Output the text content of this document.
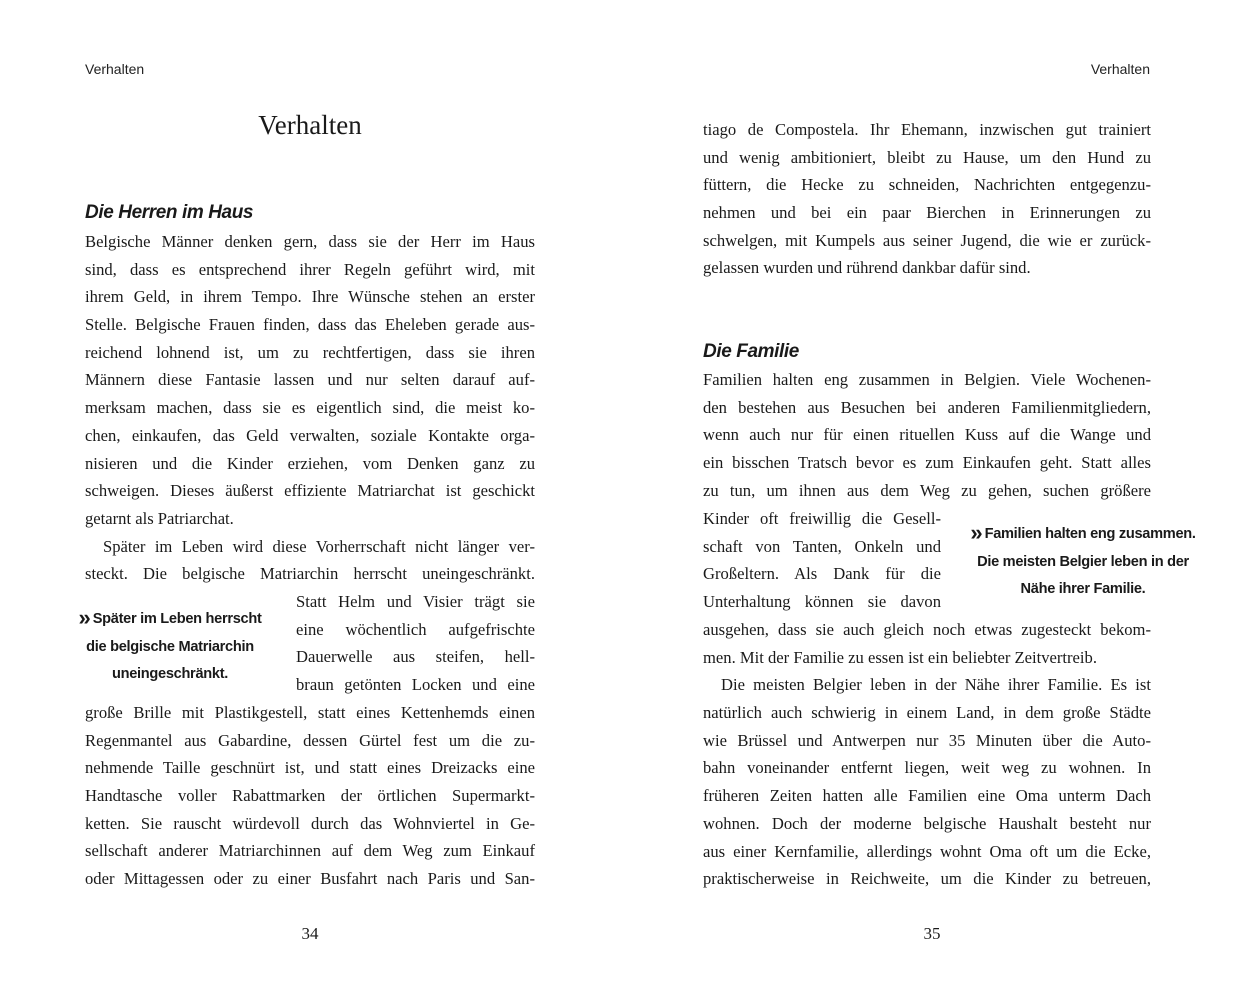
Verhalten
Verhalten
Die Herren im Haus
Belgische Männer denken gern, dass sie der Herr im Haus
sind, dass es entsprechend ihrer Regeln geführt wird, mit
ihrem Geld, in ihrem Tempo. Ihre Wünsche stehen an erster
Stelle. Belgische Frauen finden, dass das Eheleben gerade aus-
reichend lohnend ist, um zu rechtfertigen, dass sie ihren
Männern diese Fantasie lassen und nur selten darauf auf-
merksam machen, dass sie es eigentlich sind, die meist ko-
chen, einkaufen, das Geld verwalten, soziale Kontakte orga-
nisieren und die Kinder erziehen, vom Denken ganz zu
schweigen. Dieses äußerst effiziente Matriarchat ist geschickt
getarnt als Patriarchat.
Später im Leben wird diese Vorherrschaft nicht länger ver-
steckt. Die belgische Matriarchin herrscht uneingeschränkt.
» Später im Leben herrscht
die belgische Matriarchin
uneingeschränkt.
Statt Helm und Visier trägt sie
eine wöchentlich aufgefrischte
Dauerwelle aus steifen, hell-
braun getönten Locken und eine
große Brille mit Plastikgestell, statt eines Kettenhemds einen
Regenmantel aus Gabardine, dessen Gürtel fest um die zu-
nehmende Taille geschnürt ist, und statt eines Dreizacks eine
Handtasche voller Rabattmarken der örtlichen Supermarkt-
ketten. Sie rauscht würdevoll durch das Wohnviertel in Ge-
sellschaft anderer Matriarchinnen auf dem Weg zum Einkauf
oder Mittagessen oder zu einer Busfahrt nach Paris und San-
34
Verhalten
tiago de Compostela. Ihr Ehemann, inzwischen gut trainiert
und wenig ambitioniert, bleibt zu Hause, um den Hund zu
füttern, die Hecke zu schneiden, Nachrichten entgegenzu-
nehmen und bei ein paar Bierchen in Erinnerungen zu
schwelgen, mit Kumpels aus seiner Jugend, die wie er zurück-
gelassen wurden und rührend dankbar dafür sind.
Die Familie
Familien halten eng zusammen in Belgien. Viele Wochenen-
den bestehen aus Besuchen bei anderen Familienmitgliedern,
wenn auch nur für einen rituellen Kuss auf die Wange und
ein bisschen Tratsch bevor es zum Einkaufen geht. Statt alles
zu tun, um ihnen aus dem Weg zu gehen, suchen größere
Kinder oft freiwillig die Gesell-
schaft von Tanten, Onkeln und
Großeltern. Als Dank für die
Unterhaltung können sie davon
» Familien halten eng zusammen.
Die meisten Belgier leben in der
Nähe ihrer Familie.
ausgehen, dass sie auch gleich noch etwas zugesteckt bekom-
men. Mit der Familie zu essen ist ein beliebter Zeitvertreib.
Die meisten Belgier leben in der Nähe ihrer Familie. Es ist
natürlich auch schwierig in einem Land, in dem große Städte
wie Brüssel und Antwerpen nur 35 Minuten über die Auto-
bahn voneinander entfernt liegen, weit weg zu wohnen. In
früheren Zeiten hatten alle Familien eine Oma unterm Dach
wohnen. Doch der moderne belgische Haushalt besteht nur
aus einer Kernfamilie, allerdings wohnt Oma oft um die Ecke,
praktischerweise in Reichweite, um die Kinder zu betreuen,
35
